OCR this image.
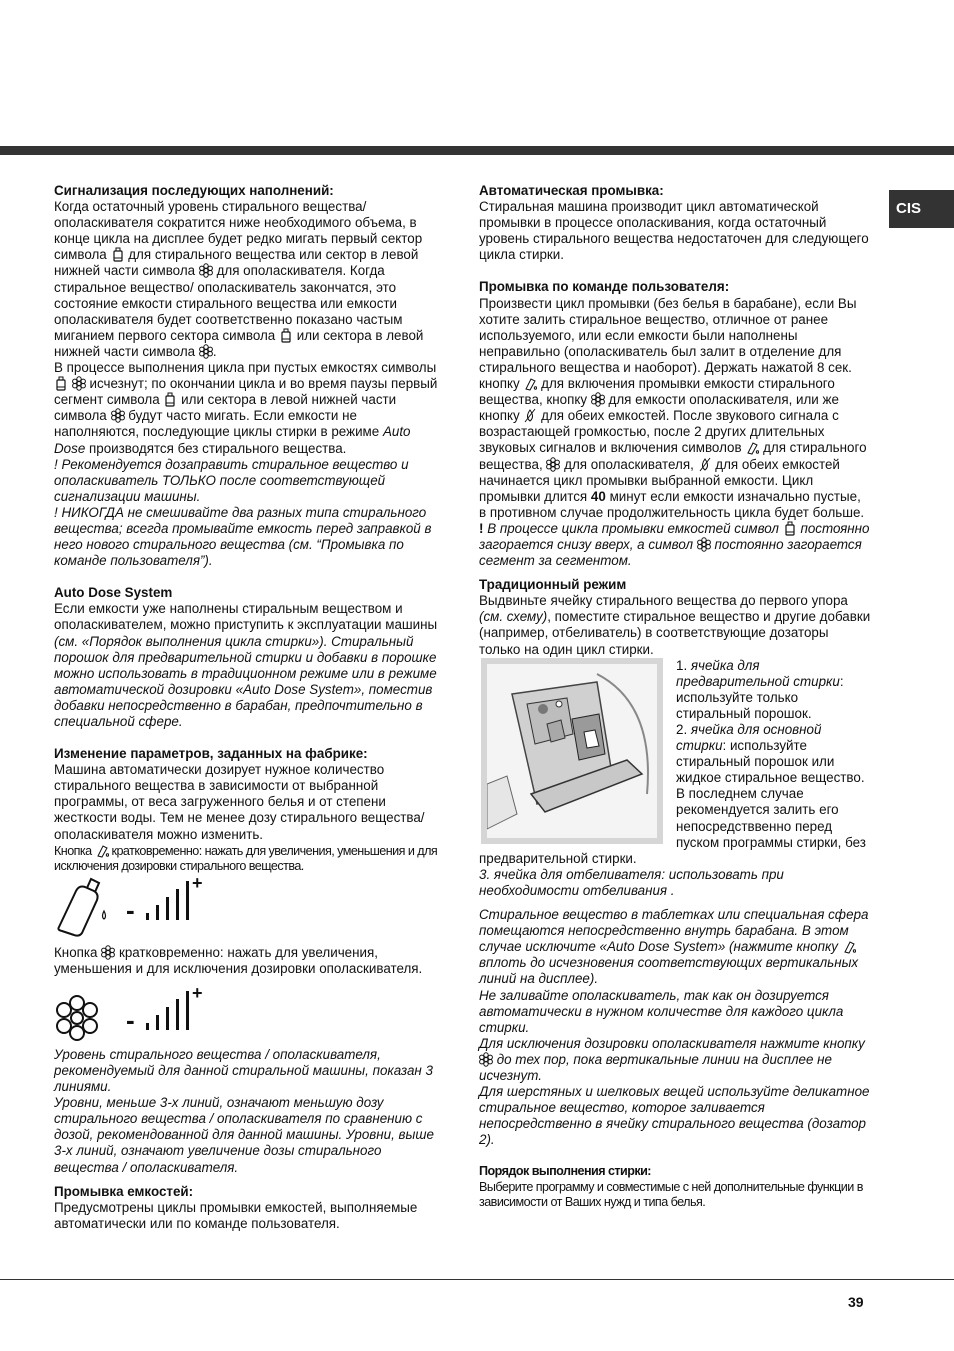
CIS

Сигнализация последующих наполнений:

Когда остаточный уровень стирального вещества/ ополаскивателя сократится ниже необходимого объема, в конце цикла на дисплее будет редко мигать первый сектор символа для стирального вещества или сектор в левой нижней части символа для ополаскивателя. Когда стиральное вещество/ ополаскиватель закончатся, это состояние емкости стирального вещества или емкости ополаскивателя будет соответственно показано частым миганием первого сектора символа или сектора в левой нижней части символа .

В процессе выполнения цикла при пустых емкостях символы

исчезнут; по окончании цикла и во время паузы первый сегмент символа или сектора в левой нижней части символа будут часто мигать. Если емкости не наполняются, последующие циклы стирки в режиме Auto Dose производятся без стирального вещества.

! Рекомендуется дозаправить стиральное вещество и ополаскиватель ТОЛЬКО после соответствующей сигнализации машины.

! НИКОГДА не смешивайте два разных типа стирального вещества; всегда промывайте емкость перед заправкой в него нового стирального вещества (см. “Промывка по команде пользователя”).

Auto Dose System

Если емкости уже наполнены стиральным веществом и ополаскивателем, можно приступить к эксплуатации машины (см. «Порядок выполнения цикла стирки»). Стиральный порошок для предварительной стирки и добавки в порошке можно использовать в традиционном режиме или в режиме автоматической дозировки «Auto Dose System», поместив добавки непосредственно в барабан, предпочтительно в специальной сфере.

Изменение параметров, заданных на фабрике:

Машина автоматически дозирует нужное количество стирального вещества в зависимости от выбранной программы, от веса загруженного белья и от степени жесткости воды. Тем не менее дозу стирального вещества/ополаскивателя можно изменить.

Кнопка кратковременно: нажать для увеличения, уменьшения и для исключения дозировки стирального вещества.

-
+

Кнопка кратковременно: нажать для увеличения, уменьшения и для исключения дозировки ополаскивателя.

-
+

Уровень стирального вещества / ополаскивателя, рекомендуемый для данной стиральной машины, показан 3 линиями.

Уровни, меньше 3-х линий, означают меньшую дозу стирального вещества / ополаскивателя по сравнению с дозой, рекомендованной для данной машины. Уровни, выше 3-х линий, означают увеличение дозы стирального вещества / ополаскивателя.

Промывка емкостей:

Предусмотрены циклы промывки емкостей, выполняемые автоматически или по команде пользователя.

Автоматическая промывка:

Стиральная машина производит цикл автоматической промывки в процессе ополаскивания, когда остаточный уровень стирального вещества недостаточен для следующего цикла стирки.

Промывка по команде пользователя:

Произвести цикл промывки (без белья в барабане), если Вы хотите залить стиральное вещество, отличное от ранее используемого, или если емкости были наполнены неправильно (ополаскиватель был залит в отделение для стирального вещества и наоборот). Держать нажатой 8 сек. кнопку для включения промывки емкости стирального вещества, кнопку для емкости ополаскивателя, или же кнопку для обеих емкостей. После звукового сигнала с возрастающей громкостью, после 2 других длительных звуковых сигналов и включения символов для стирального вещества, для ополаскивателя, для обеих емкостей начинается цикл промывки выбранной емкости. Цикл промывки длится 40 минут если емкости изначально пустые, в противном случае продолжительность цикла будет больше.

! В процессе цикла промывки емкостей символ постоянно загорается снизу вверх, а символ постоянно загорается сегмент за сегментом.

Традиционный режим

Выдвиньте ячейку стирального вещества до первого упора (см. схему), поместите стиральное вещество и другие добавки (например, отбеливатель) в соответствующие дозаторы только на один цикл стирки.

1. ячейка для предварительной стирки: используйте только стиральный порошок.

2. ячейка для основной стирки: используйте стиральный порошок или жидкое стиральное вещество. В последнем случае рекомендуется залить его непосредстввенно перед пуском программы стирки, без предварительной стирки.

3. ячейка для отбеливателя: использовать при необходимости отбеливания .

Стиральное вещество в таблетках или специальная сфера помещаются непосредственно внутрь барабана. В этом случае исключите «Auto Dose System» (нажмите кнопку
вплоть до исчезновения соответствующих вертикальных линий на дисплее).

Не заливайте ополаскиватель, так как он дозируется автоматически в нужном количестве для каждого цикла стирки.

Для исключения дозировки ополаскивателя нажмите кнопку
до тех пор, пока вертикальные линии на дисплее не исчезнут.

Для шерстяных и шелковых вещей используйте деликатное стиральное вещество, которое заливается непосредственно в ячейку стирального вещества (дозатор 2).

Порядок выполнения стирки:

Выберите программу и совместимые с ней дополнительные функции в зависимости от Ваших нужд и типа белья.

39
